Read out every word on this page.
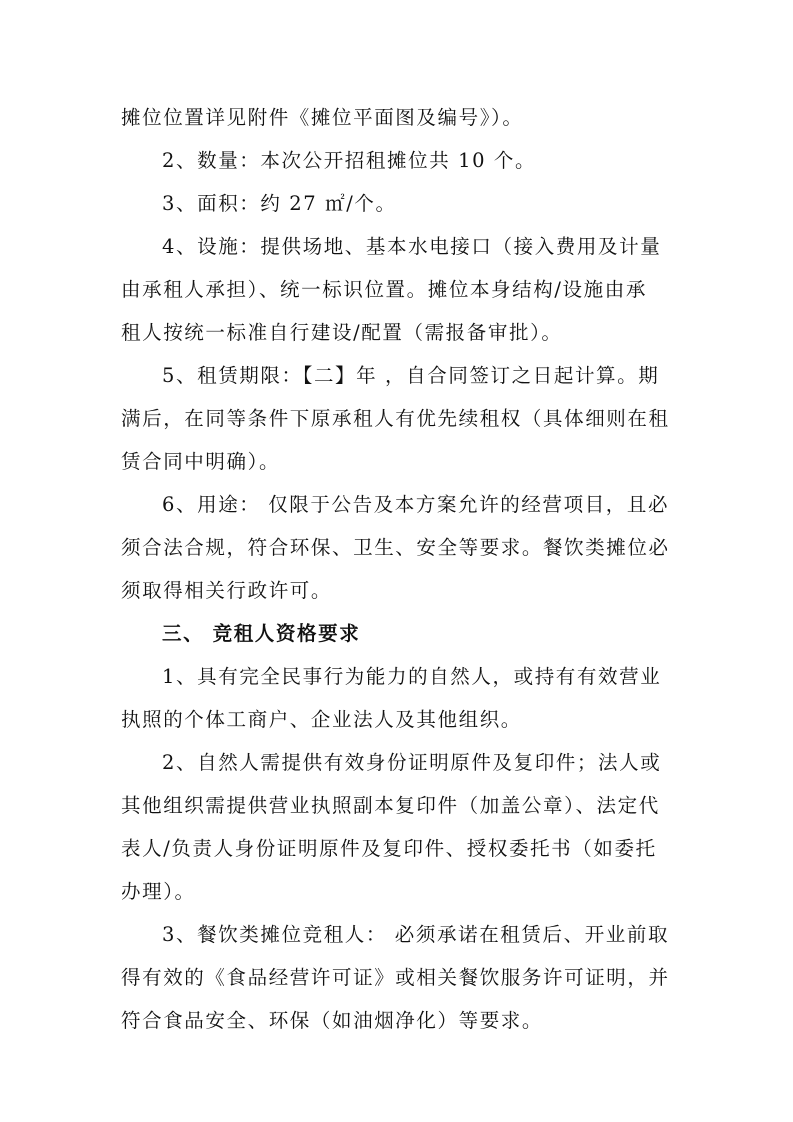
摊位位置详见附件《摊位平面图及编号》）。
2、数量：本次公开招租摊位共 10 个。
3、面积：约 27 ㎡/个。
4、设施：提供场地、基本水电接口（接入费用及计量
由承租人承担）、统一标识位置。摊位本身结构/设施由承
租人按统一标准自行建设/配置（需报备审批）。
5、租赁期限：【二】年 ，自合同签订之日起计算。期
满后，在同等条件下原承租人有优先续租权（具体细则在租
赁合同中明确）。
6、用途： 仅限于公告及本方案允许的经营项目，且必
须合法合规，符合环保、卫生、安全等要求。餐饮类摊位必
须取得相关行政许可。
三、 竞租人资格要求
1、具有完全民事行为能力的自然人，或持有有效营业
执照的个体工商户、企业法人及其他组织。
2、自然人需提供有效身份证明原件及复印件；法人或
其他组织需提供营业执照副本复印件（加盖公章）、法定代
表人/负责人身份证明原件及复印件、授权委托书（如委托
办理）。
3、餐饮类摊位竞租人： 必须承诺在租赁后、开业前取
得有效的《食品经营许可证》或相关餐饮服务许可证明，并
符合食品安全、环保（如油烟净化）等要求。
